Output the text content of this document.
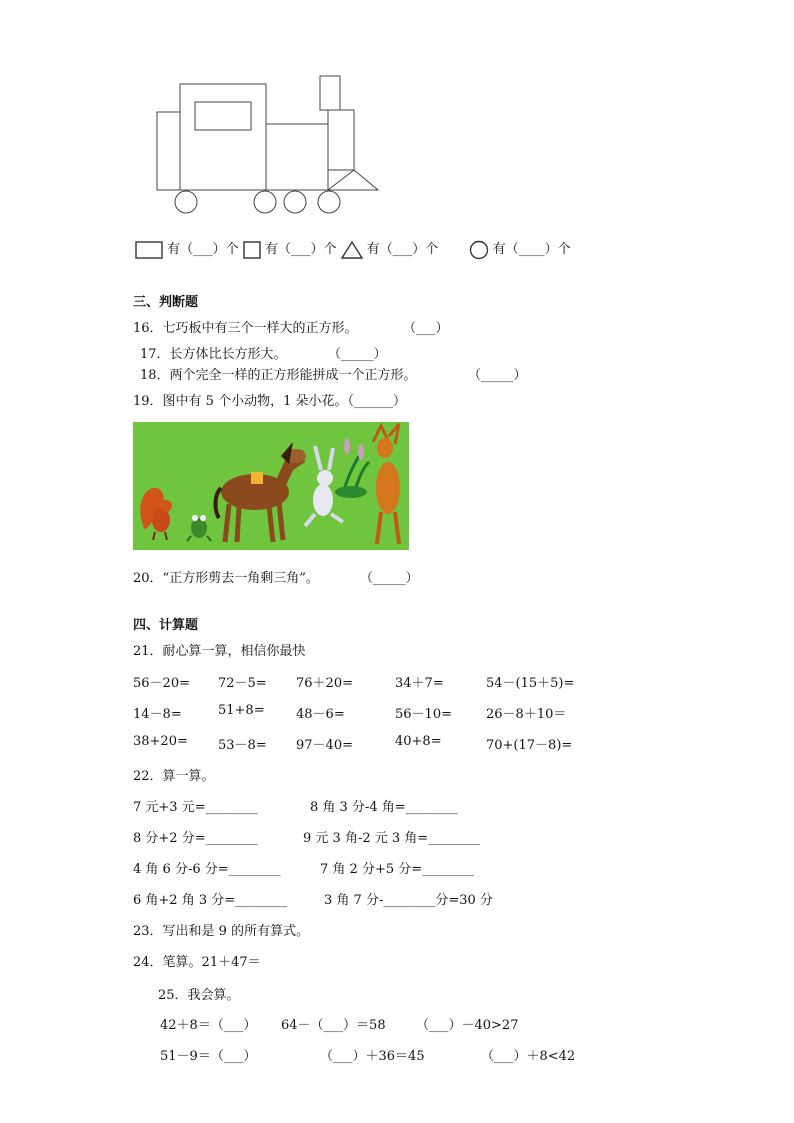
有（___）个 有（___）个 有（___）个	有（____）个
三、判断题
16．七巧板中有三个一样大的正方形。	（___）
17．长方体比长方形大。	（_____）
18．两个完全一样的正方形能拼成一个正方形。	（_____）
19．图中有 5 个小动物，1 朵小花。（______）
20．“正方形剪去一角剩三角”。	（_____）
四、计算题
21．耐心算一算，相信你最快
56－20= 72－5= 76＋20=	34＋7=	54－(15＋5)=
14－8=	51+8= 48－6=	56－10=	26－8＋10＝
38+20= 53－8= 97－40=	40+8=	70+(17－8)=
22．算一算。
7 元+3 元=________	8 角 3 分-4 角=________
8 分+2 分=________	9 元 3 角-2 元 3 角=________
4 角 6 分-6 分=________	7 角 2 分+5 分=________
6 角+2 角 3 分=________	3 角 7 分-________分=30 分
23．写出和是 9 的所有算式。
24．笔算。21＋47＝
25．我会算。
42＋8＝（___） 64－（___）＝58 （___）－40>27
51－9＝（___）	（___）＋36＝45	（___）＋8<42
